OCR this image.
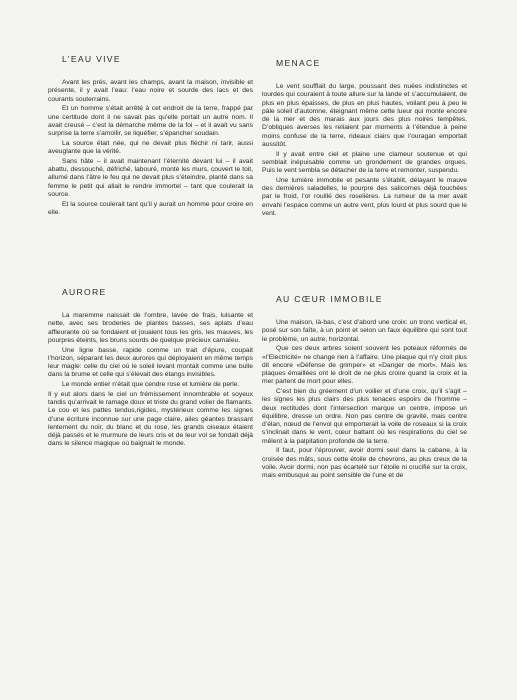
L’EAU VIVE

Avant les prés, avant les champs, avant la maison, invisible et présente, il y avait l’eau: l’eau noire et sourde des lacs et des courants souterrains.

Et un homme s’était arrêté à cet endroit de la terre, frappé par une certitude dont il ne savait pas qu’elle portait un autre nom. Il avait creusé – c’est la démarche même de la foi – et il avait vu sans surprise la terre s’amollir, se liquéfier, s’épancher soudain.

La source était née, qui ne devait plus fléchir ni tarir, aussi aveuglante que la vérité.

Sans hâte – il avait maintenant l’éternité devant lui – il avait abattu, dessouché, défriché, labouré, monté les murs, couvert le toit, allumé dans l’âtre le feu qui ne devait plus s’éteindre, planté dans sa femme le petit qui allait le rendre immortel – tant que coulerait la source.

Et la source coulerait tant qu’il y aurait un homme pour croire en elle.

AURORE

La maremme naissait de l’ombre, lavée de frais, luisante et nette, avec ses broderies de plantes basses, ses aplats d’eau affleurante où se fondaient et jouaient tous les gris, les mauves, les pourpres éteints, les bruns sourds de quelque précieux camaïeu.

Une ligne basse, rapide comme un trait d’épure, coupait l’horizon, séparant les deux aurores qui déployaient en même temps leur magie: celle du ciel où le soleil levant montait comme une bulle dans la brume et celle qui s’élevait des étangs invisibles.

Le monde entier n’était que cendre rose et lumière de perle.

Il y eut alors dans le ciel un frémissement innombrable et soyeux tandis qu’arrivait le ramage doux et triste du grand volier de flamants. Le cou et les pattes tendus,rigides, mystérieux comme les signes d’une écriture inconnue sur une page claire, ailes géantes brassant lentement du noir, du blanc et du rose, les grands oiseaux étaient déjà passés et le murmure de leurs cris et de leur vol se fondait déjà dans le silence magique où baignait le monde.

MENACE

Le vent soufflait du large, poussant des nuées indistinctes et lourdes qui couraient à toute allure sur la lande et s’accumulaient, de plus en plus épaisses, de plus en plus hautes, voilant peu à peu le pâle soleil d’automne, éteignant même cette lueur qui monte encore de la mer et des marais aux jours des plus noires tempêtes. D’obliques averses les reliaient par moments à l’étendue à peine moins confuse de la terre, rideaux clairs que l’ouragan emportait aussitôt.

Il y avait entre ciel et plaine une clameur soutenue et qui semblait inépuisable comme un grondement de grandes orgues. Puis le vent sembla se détacher de la terre et remonter, suspendu.

Une lumière immobile et pesante s’établit, délayant le mauve des dernières saladelles, le pourpre des salicornes déjà touchées par le froid, l’or rouillé des roselières. La rumeur de la mer avait envahi l’espace comme un autre vent, plus lourd et plus sourd que le vent.

AU CŒUR IMMOBILE

Une maison, là-bas, c’est d’abord une croix: un tronc vertical et, posé sur son faîte, à un point et selon un faux équilibre qui sont tout le problème, un autre, horizontal.

Que ces deux arbres soient souvent les poteaux réformés de «l’Electricité» ne change rien à l’affaire. Une plaque qui n’y croit plus dit encore «Défense de grimper» et «Danger de mort». Mais les plaques émaillées ont le droit de ne plus croire quand la croix et la mer parlent de mort pour elles.

C’est bien du gréement d’un voilier et d’une croix, qu’il s’agit – les signes les plus clairs des plus tenaces espoirs de l’homme – deux rectitudes dont l’intersection marque un centre, impose un équilibre, dresse un ordre. Non pas centre de gravité, mais centre d’élan, nœud de l’envol qui emporterait la voile de roseaux si la croix s’inclinait dans le vent, cœur battant où les respirations du ciel se mêlent à la palpitation profonde de la terre.

Il faut, pour l’éprouver, avoir dormi seul dans la cabane, à la croisée des mâts, sous cette étoile de chevrons, au plus creux de la voile. Avoir dormi, non pas écartelé sur l’étoile ni crucifié sur la croix, mais embusqué au point sensible de l’une et de
